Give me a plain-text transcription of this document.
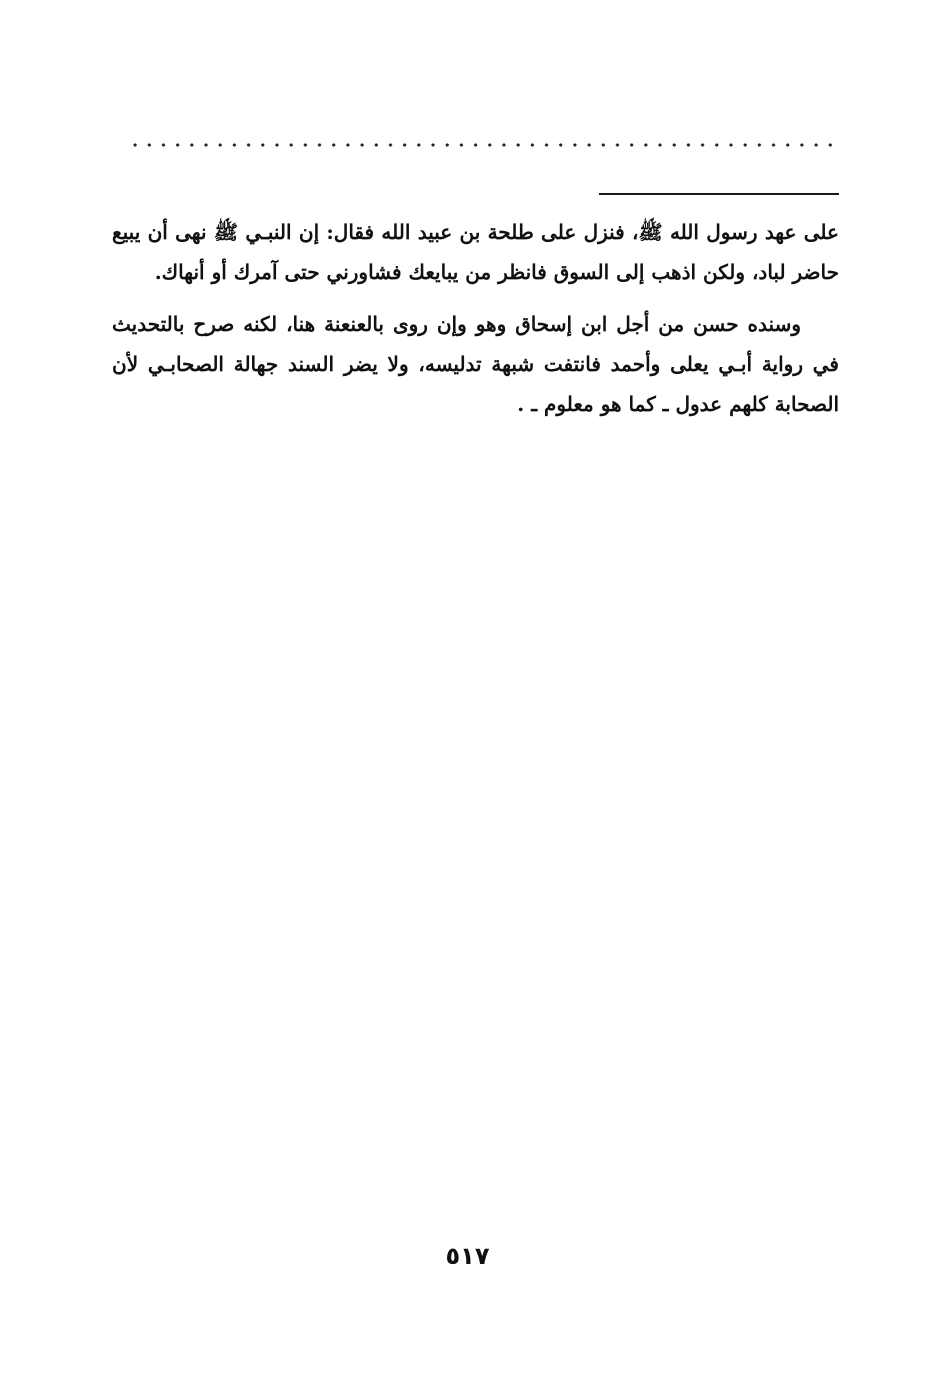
على عهد رسول الله ﷺ، فنزل على طلحة بن عبيد الله فقال: إن النبـي ﷺ نهى أن يبيع حاضر لباد، ولكن اذهب إلى السوق فانظر من يبايعك فشاورني حتى آمرك أو أنهاك.

وسنده حسن من أجل ابن إسحاق وهو وإن روى بالعنعنة هنا، لكنه صرح بالتحديث في رواية أبـي يعلى وأحمد فانتفت شبهة تدليسه، ولا يضر السند جهالة الصحابـي لأن الصحابة كلهم عدول ـ كما هو معلوم ـ .

٥١٧
